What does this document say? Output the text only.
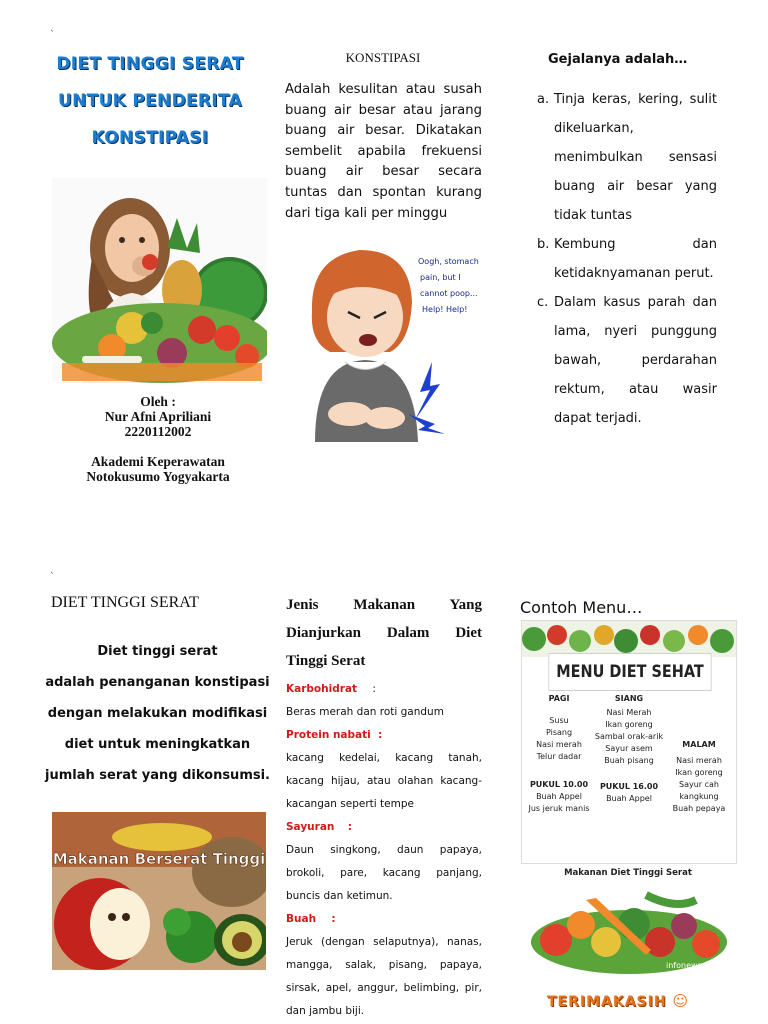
`
DIET TINGGI SERAT
UNTUK PENDERITA
KONSTIPASI
Oleh :
Nur Afni Apriliani
2220112002
Akademi Keperawatan
Notokusumo Yogyakarta
KONSTIPASI
Adalah kesulitan atau susah buang air besar atau jarang buang air besar. Dikatakan sembelit apabila frekuensi buang air besar secara tuntas dan spontan kurang dari tiga kali per minggu
Oogh, stomach
pain, but I
cannot poop...
Help! Help!
Gejalanya adalah…
a. Tinja keras, kering, sulit dikeluarkan, menimbulkan sensasi buang air besar yang tidak tuntas
b. Kembung dan ketidaknyamanan perut.
c. Dalam kasus parah dan lama, nyeri punggung bawah, perdarahan rektum, atau wasir dapat terjadi.
`
DIET TINGGI SERAT
Diet tinggi serat
adalah penanganan konstipasi
dengan melakukan modifikasi
diet untuk meningkatkan
jumlah serat yang dikonsumsi.
Makanan Berserat Tinggi
Jenis Makanan Yang Dianjurkan Dalam Diet Tinggi Serat
Karbohidrat :
Beras merah dan roti gandum
Protein nabati :
kacang kedelai, kacang tanah, kacang hijau, atau olahan kacang-kacangan seperti tempe
Sayuran :
Daun singkong, daun papaya, brokoli, pare, kacang panjang, buncis dan ketimun.
Buah :
Jeruk (dengan selaputnya), nanas, mangga, salak, pisang, papaya, sirsak, apel, anggur, belimbing, pir, dan jambu biji.
Contoh Menu…
MENU DIET SEHAT
PAGI
Susu
Pisang
Nasi merah
Telur dadar
PUKUL 10.00
Buah Appel
Jus jeruk manis
SIANG
Nasi Merah
Ikan goreng
Sambal orak-arik
Sayur asem
Buah pisang
PUKUL 16.00
Buah Appel
MALAM
Nasi merah
Ikan goreng
Sayur cah kangkung
Buah pepaya
Makanan Diet Tinggi Serat
infonews.web.id
TERIMAKASIH ☺
